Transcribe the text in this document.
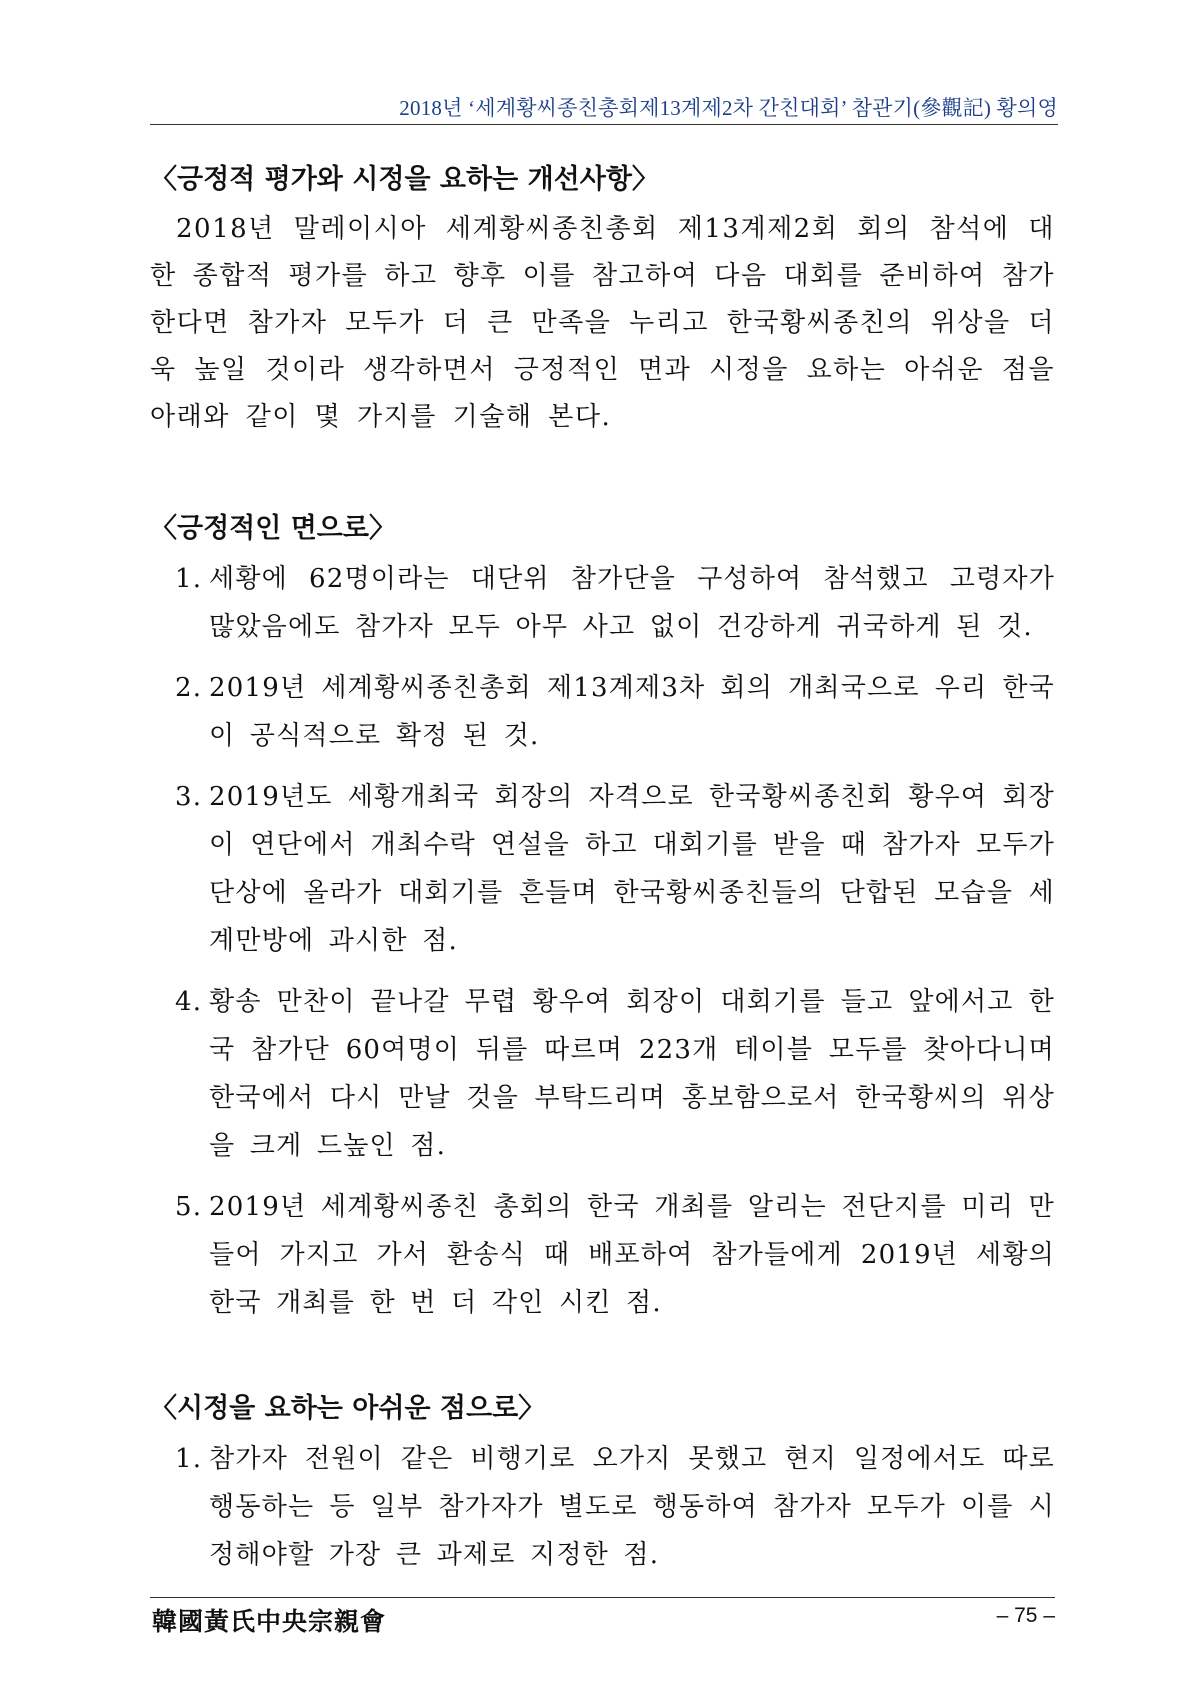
2018년 ‘세계황씨종친총회제13계제2차 간친대회’ 참관기(參觀記) 황의영
〈긍정적 평가와 시정을 요하는 개선사항〉

2018년 말레이시아 세계황씨종친총회 제13계제2회 회의 참석에 대한 종합적 평가를 하고 향후 이를 참고하여 다음 대회를 준비하여 참가 한다면 참가자 모두가 더 큰 만족을 누리고 한국황씨종친의 위상을 더욱 높일 것이라 생각하면서 긍정적인 면과 시정을 요하는 아쉬운 점을 아래와 같이 몇 가지를 기술해 본다.

〈긍정적인 면으로〉
1. 세황에 62명이라는 대단위 참가단을 구성하여 참석했고 고령자가 많았음에도 참가자 모두 아무 사고 없이 건강하게 귀국하게 된 것.
2. 2019년 세계황씨종친총회 제13계제3차 회의 개최국으로 우리 한국이 공식적으로 확정 된 것.
3. 2019년도 세황개최국 회장의 자격으로 한국황씨종친회 황우여 회장이 연단에서 개최수락 연설을 하고 대회기를 받을 때 참가자 모두가 단상에 올라가 대회기를 흔들며 한국황씨종친들의 단합된 모습을 세계만방에 과시한 점.
4. 황송 만찬이 끝나갈 무렵 황우여 회장이 대회기를 들고 앞에서고 한국 참가단 60여명이 뒤를 따르며 223개 테이블 모두를 찾아다니며 한국에서 다시 만날 것을 부탁드리며 홍보함으로서 한국황씨의 위상을 크게 드높인 점.
5. 2019년 세계황씨종친 총회의 한국 개최를 알리는 전단지를 미리 만들어 가지고 가서 환송식 때 배포하여 참가들에게 2019년 세황의 한국 개최를 한 번 더 각인 시킨 점.
〈시정을 요하는 아쉬운 점으로〉
1. 참가자 전원이 같은 비행기로 오가지 못했고 현지 일정에서도 따로 행동하는 등 일부 참가자가 별도로 행동하여 참가자 모두가 이를 시정해야할 가장 큰 과제로 지정한 점.
韓國黃氏中央宗親會	– 75 –
